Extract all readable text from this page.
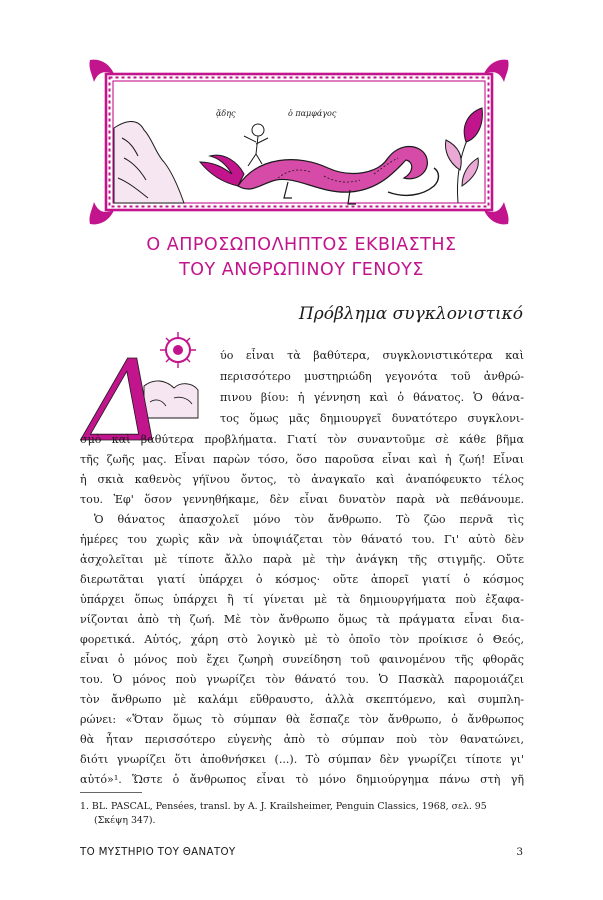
ᾅδης	ὁ παμφάγος
Ο ΑΠΡΟΣΩΠΟΛΗΠΤΟΣ ΕΚΒΙΑΣΤΗΣ
ΤΟΥ ΑΝΘΡΩΠΙΝΟΥ ΓΕΝΟΥΣ
Πρόβλημα συγκλονιστικό
Δ	ύο εἶναι τὰ βαθύτερα, συγκλονιστικότερα καὶ
περισσότερο μυστηριώδη γεγονότα τοῦ ἀνθρώ-
πινου βίου: ἡ γέννηση καὶ ὁ θάνατος. Ὁ θάνα-
τος ὅμως μᾶς δημιουργεῖ δυνατότερο συγκλονι-
σμὸ καὶ βαθύτερα προβλήματα. Γιατί τὸν συναντοῦμε σὲ κάθε βῆμα
τῆς ζωῆς μας. Εἶναι παρὼν τόσο, ὅσο παροῦσα εἶναι καὶ ἡ ζωή! Εἶναι
ἡ σκιὰ καθενὸς γήϊνου ὄντος, τὸ ἀναγκαῖο καὶ ἀναπόφευκτο τέλος
του. Ἐφ' ὅσον γεννηθήκαμε, δὲν εἶναι δυνατὸν παρὰ νὰ πεθάνουμε.
Ὁ θάνατος ἀπασχολεῖ μόνο τὸν ἄνθρωπο. Τὸ ζῶο περνᾶ τὶς
ἡμέρες του χωρὶς κἂν νὰ ὑποψιάζεται τὸν θάνατό του. Γι' αὐτὸ δὲν
ἀσχολεῖται μὲ τίποτε ἄλλο παρὰ μὲ τὴν ἀνάγκη τῆς στιγμῆς. Οὔτε
διερωτᾶται γιατί ὑπάρχει ὁ κόσμος· οὔτε ἀπορεῖ γιατί ὁ κόσμος
ὑπάρχει ὅπως ὑπάρχει ἢ τί γίνεται μὲ τὰ δημιουργήματα ποὺ ἐξαφα-
νίζονται ἀπὸ τὴ ζωή. Μὲ τὸν ἄνθρωπο ὅμως τὰ πράγματα εἶναι δια-
φορετικά. Αὐτός, χάρη στὸ λογικὸ μὲ τὸ ὁποῖο τὸν προίκισε ὁ Θεός,
εἶναι ὁ μόνος ποὺ ἔχει ζωηρὴ συνείδηση τοῦ φαινομένου τῆς φθορᾶς
του. Ὁ μόνος ποὺ γνωρίζει τὸν θάνατό του. Ὁ Πασκὰλ παρομοιάζει
τὸν ἄνθρωπο μὲ καλάμι εὔθραυστο, ἀλλὰ σκεπτόμενο, καὶ συμπλη-
ρώνει: «Ὅταν ὅμως τὸ σύμπαν θὰ ἔσπαζε τὸν ἄνθρωπο, ὁ ἄνθρωπος
θὰ ἦταν περισσότερο εὐγενὴς ἀπὸ τὸ σύμπαν ποὺ τὸν θανατώνει,
διότι γνωρίζει ὅτι ἀποθνήσκει (...). Τὸ σύμπαν δὲν γνωρίζει τίποτε γι'
αὐτό»¹. Ὥστε ὁ ἄνθρωπος εἶναι τὸ μόνο δημιούργημα πάνω στὴ γῆ
1. BL. PASCAL, Pensées, transl. by A. J. Krailsheimer, Penguin Classics, 1968, σελ. 95
(Σκέψη 347).
ΤΟ ΜΥΣΤΗΡΙΟ ΤΟΥ ΘΑΝΑΤΟΥ	3
